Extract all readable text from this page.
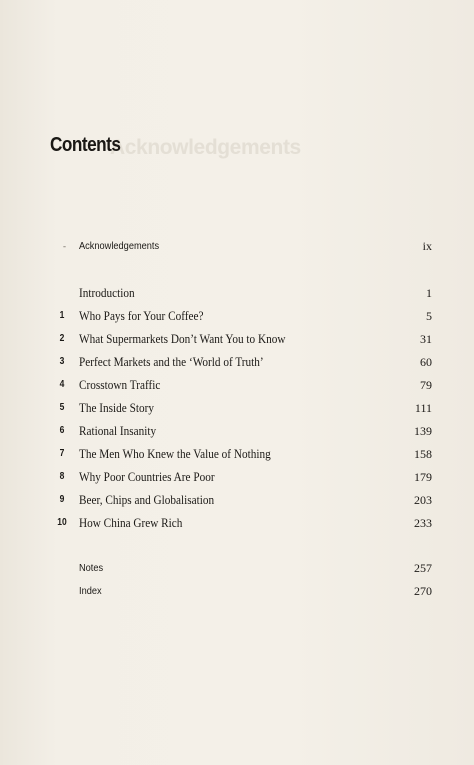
Acknowledgements
Contents
- Acknowledgements	ix
Introduction	1
1 Who Pays for Your Coffee?	5
2 What Supermarkets Don’t Want You to Know	31
3 Perfect Markets and the ‘World of Truth’	60
4 Crosstown Traffic	79
5 The Inside Story	111
6 Rational Insanity	139
7 The Men Who Knew the Value of Nothing	158
8 Why Poor Countries Are Poor	179
9 Beer, Chips and Globalisation	203
10 How China Grew Rich	233
Notes	257
Index	270
